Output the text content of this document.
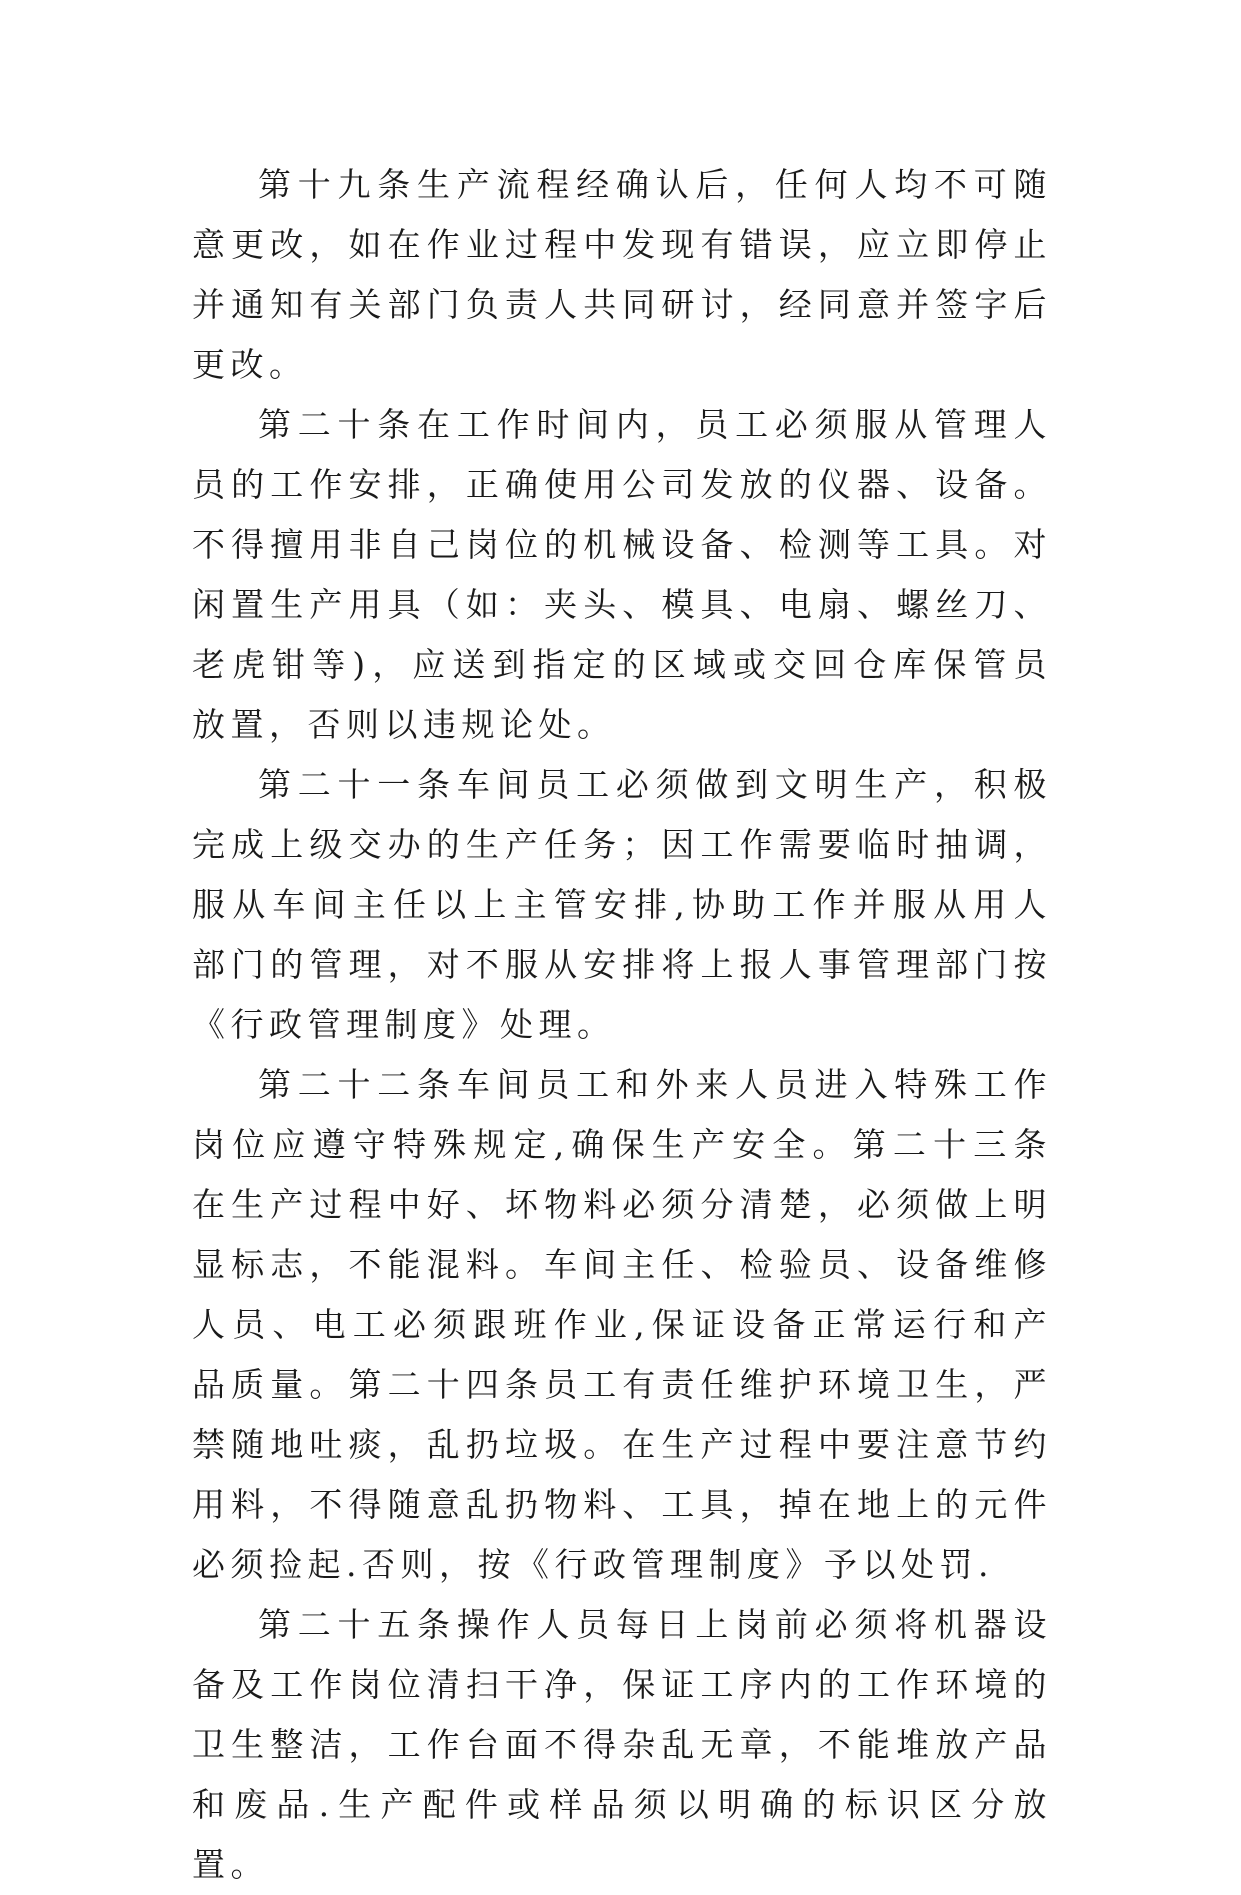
第十九条生产流程经确认后，任何人均不可随意更改，如在作业过程中发现有错误，应立即停止并通知有关部门负责人共同研讨，经同意并签字后更改。

第二十条在工作时间内，员工必须服从管理人员的工作安排，正确使用公司发放的仪器、设备。不得擅用非自己岗位的机械设备、检测等工具。对闲置生产用具（如：夹头、模具、电扇、螺丝刀、老虎钳等)，应送到指定的区域或交回仓库保管员放置，否则以违规论处。

第二十一条车间员工必须做到文明生产，积极完成上级交办的生产任务；因工作需要临时抽调，服从车间主任以上主管安排,协助工作并服从用人部门的管理，对不服从安排将上报人事管理部门按《行政管理制度》处理。

第二十二条车间员工和外来人员进入特殊工作岗位应遵守特殊规定,确保生产安全。第二十三条在生产过程中好、坏物料必须分清楚，必须做上明显标志，不能混料。车间主任、检验员、设备维修人员、电工必须跟班作业,保证设备正常运行和产品质量。第二十四条员工有责任维护环境卫生，严禁随地吐痰，乱扔垃圾。在生产过程中要注意节约用料，不得随意乱扔物料、工具，掉在地上的元件必须捡起.否则，按《行政管理制度》予以处罚.

第二十五条操作人员每日上岗前必须将机器设备及工作岗位清扫干净，保证工序内的工作环境的卫生整洁，工作台面不得杂乱无章，不能堆放产品和废品.生产配件或样品须以明确的标识区分放置。
